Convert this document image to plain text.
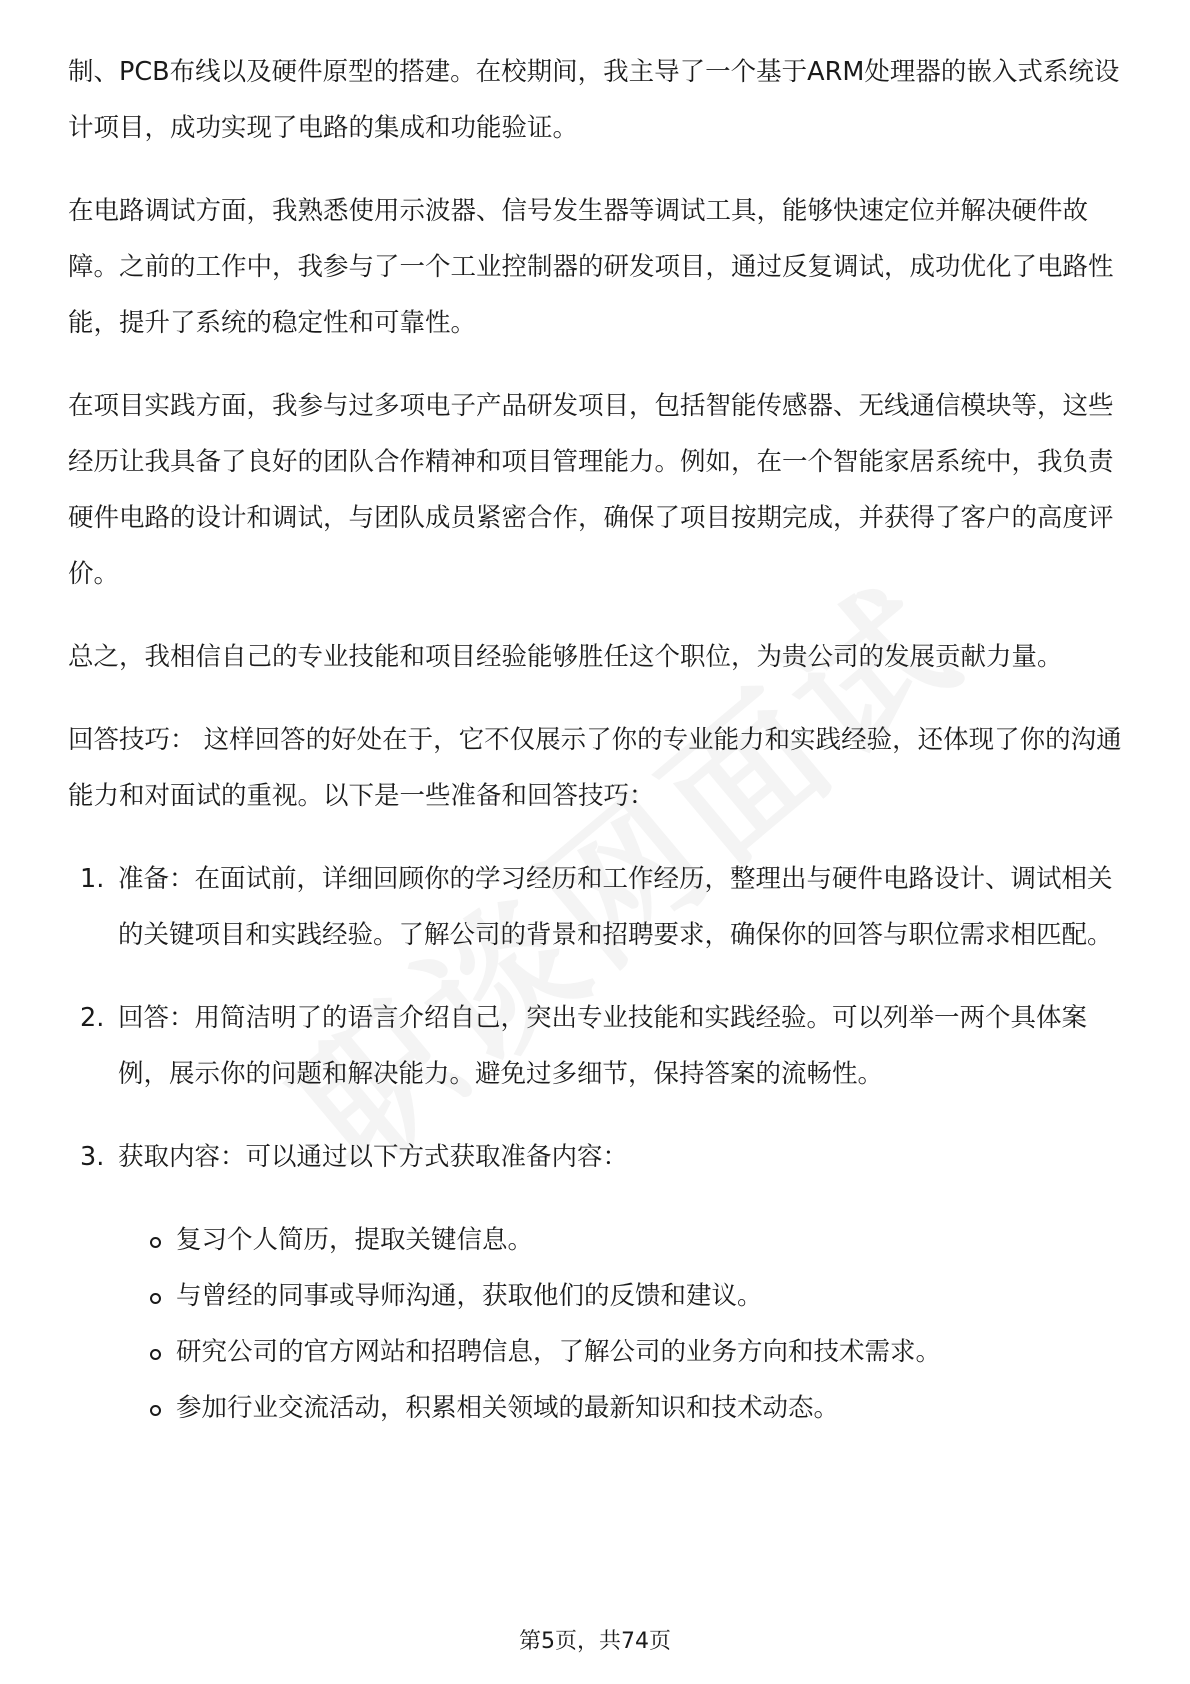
制、PCB布线以及硬件原型的搭建。在校期间，我主导了一个基于ARM处理器的嵌入式系统设计项目，成功实现了电路的集成和功能验证。

在电路调试方面，我熟悉使用示波器、信号发生器等调试工具，能够快速定位并解决硬件故障。之前的工作中，我参与了一个工业控制器的研发项目，通过反复调试，成功优化了电路性能，提升了系统的稳定性和可靠性。

在项目实践方面，我参与过多项电子产品研发项目，包括智能传感器、无线通信模块等，这些经历让我具备了良好的团队合作精神和项目管理能力。例如，在一个智能家居系统中，我负责硬件电路的设计和调试，与团队成员紧密合作，确保了项目按期完成，并获得了客户的高度评价。

总之，我相信自己的专业技能和项目经验能够胜任这个职位，为贵公司的发展贡献力量。

回答技巧： 这样回答的好处在于，它不仅展示了你的专业能力和实践经验，还体现了你的沟通能力和对面试的重视。以下是一些准备和回答技巧：

1. 准备：在面试前，详细回顾你的学习经历和工作经历，整理出与硬件电路设计、调试相关的关键项目和实践经验。了解公司的背景和招聘要求，确保你的回答与职位需求相匹配。

2. 回答：用简洁明了的语言介绍自己，突出专业技能和实践经验。可以列举一两个具体案例，展示你的问题和解决能力。避免过多细节，保持答案的流畅性。

3. 获取内容：可以通过以下方式获取准备内容：

复习个人简历，提取关键信息。
与曾经的同事或导师沟通，获取他们的反馈和建议。
研究公司的官方网站和招聘信息，了解公司的业务方向和技术需求。
参加行业交流活动，积累相关领域的最新知识和技术动态。
第5页，共74页
